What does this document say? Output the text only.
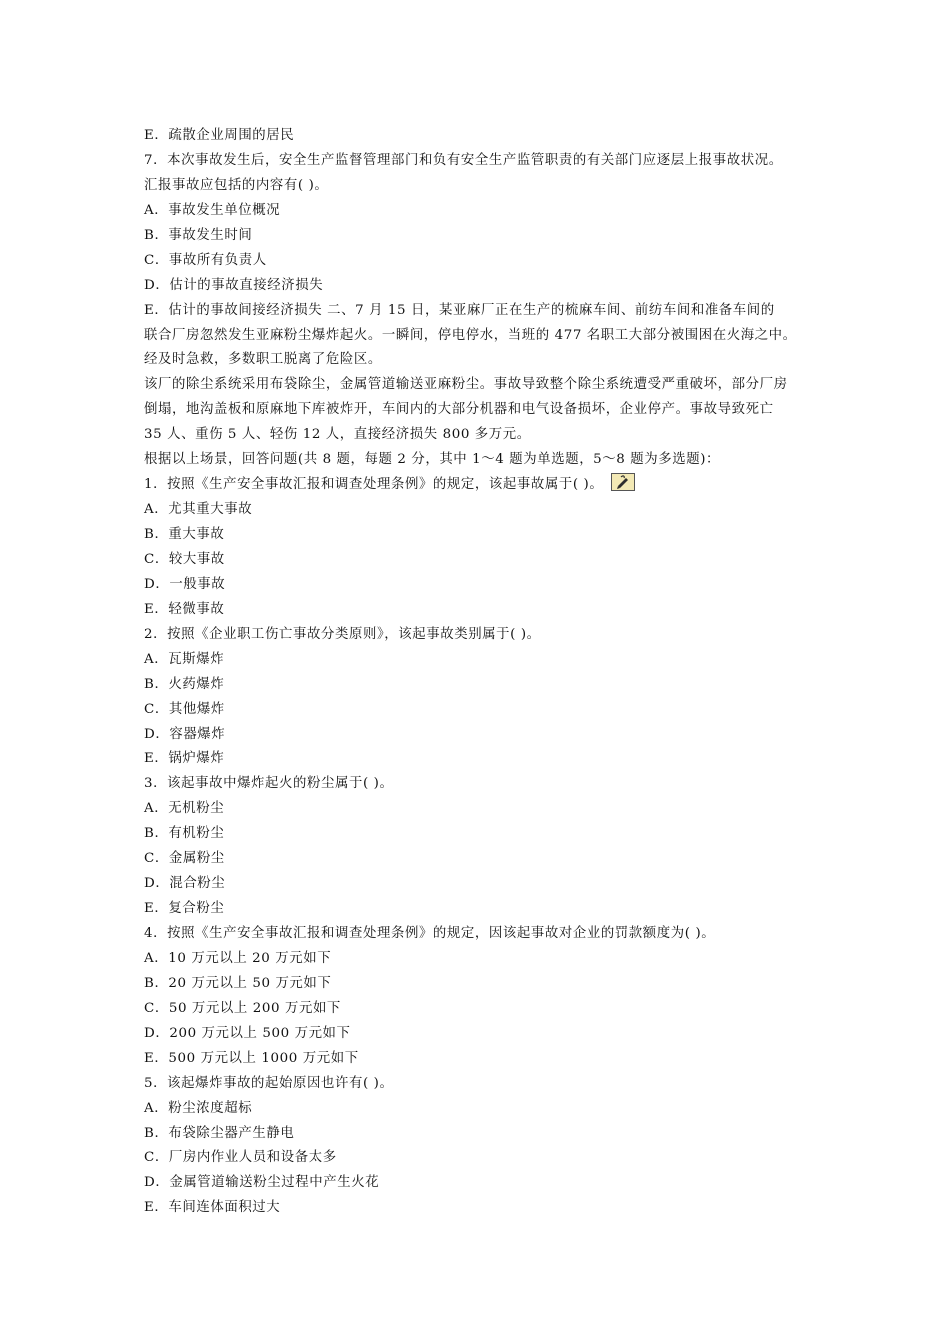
E．疏散企业周围的居民
7．本次事故发生后，安全生产监督管理部门和负有安全生产监管职责的有关部门应逐层上报事故状况。
汇报事故应包括的内容有( )。
A．事故发生单位概况
B．事故发生时间
C．事故所有负责人
D．估计的事故直接经济损失
E．估计的事故间接经济损失 二、7 月 15 日，某亚麻厂正在生产的梳麻车间、前纺车间和准备车间的
联合厂房忽然发生亚麻粉尘爆炸起火。一瞬间，停电停水，当班的 477 名职工大部分被围困在火海之中。
经及时急救，多数职工脱离了危险区。
该厂的除尘系统采用布袋除尘，金属管道输送亚麻粉尘。事故导致整个除尘系统遭受严重破坏，部分厂房
倒塌，地沟盖板和原麻地下库被炸开，车间内的大部分机器和电气设备损坏，企业停产。事故导致死亡
35 人、重伤 5 人、轻伤 12 人，直接经济损失 800 多万元。
根据以上场景，回答问题(共 8 题，每题 2 分，其中 1～4 题为单选题，5～8 题为多选题)：
1．按照《生产安全事故汇报和调查处理条例》的规定，该起事故属于( )。
A．尤其重大事故
B．重大事故
C．较大事故
D．一般事故
E．轻微事故
2．按照《企业职工伤亡事故分类原则》，该起事故类别属于( )。
A．瓦斯爆炸
B．火药爆炸
C．其他爆炸
D．容器爆炸
E．锅炉爆炸
3．该起事故中爆炸起火的粉尘属于( )。
A．无机粉尘
B．有机粉尘
C．金属粉尘
D．混合粉尘
E．复合粉尘
4．按照《生产安全事故汇报和调查处理条例》的规定，因该起事故对企业的罚款额度为( )。
A．10 万元以上 20 万元如下
B．20 万元以上 50 万元如下
C．50 万元以上 200 万元如下
D．200 万元以上 500 万元如下
E．500 万元以上 1000 万元如下
5．该起爆炸事故的起始原因也许有( )。
A．粉尘浓度超标
B．布袋除尘器产生静电
C．厂房内作业人员和设备太多
D．金属管道输送粉尘过程中产生火花
E．车间连体面积过大
